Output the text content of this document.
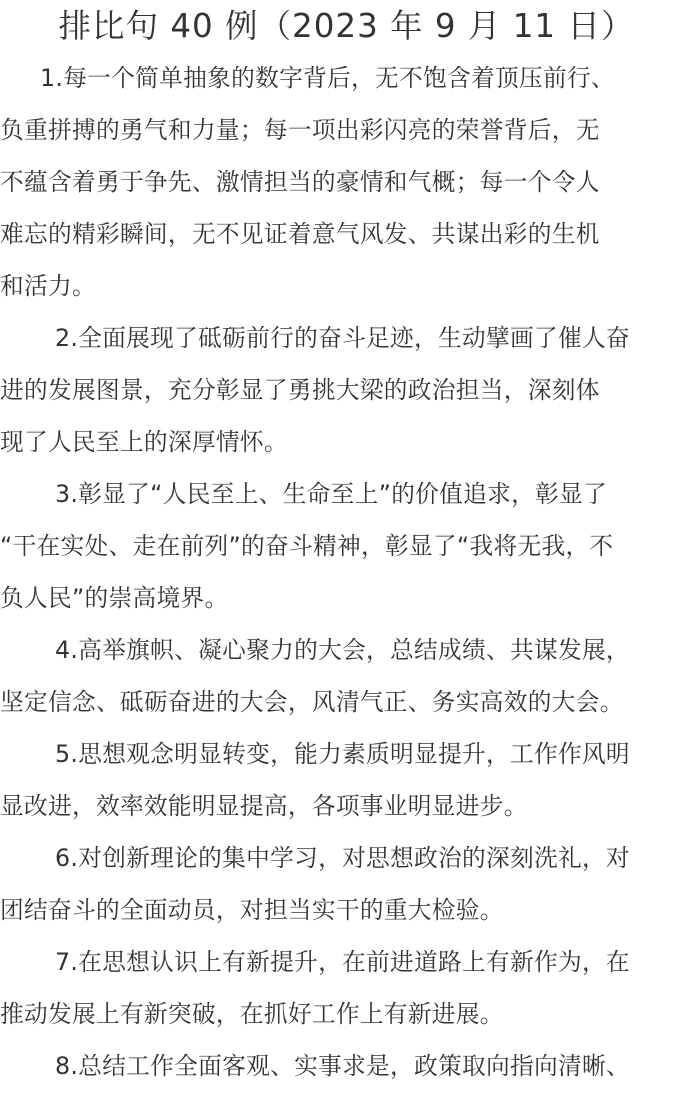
排比句 40 例（2023 年 9 月 11 日）
1.每一个简单抽象的数字背后，无不饱含着顶压前行、
负重拼搏的勇气和力量；每一项出彩闪亮的荣誉背后，无
不蕴含着勇于争先、激情担当的豪情和气概；每一个令人
难忘的精彩瞬间，无不见证着意气风发、共谋出彩的生机
和活力。
2.全面展现了砥砺前行的奋斗足迹，生动擘画了催人奋
进的发展图景，充分彰显了勇挑大梁的政治担当，深刻体
现了人民至上的深厚情怀。
3.彰显了“人民至上、生命至上”的价值追求，彰显了
“干在实处、走在前列”的奋斗精神，彰显了“我将无我，不
负人民”的崇高境界。
4.高举旗帜、凝心聚力的大会，总结成绩、共谋发展，
坚定信念、砥砺奋进的大会，风清气正、务实高效的大会。
5.思想观念明显转变，能力素质明显提升，工作作风明
显改进，效率效能明显提高，各项事业明显进步。
6.对创新理论的集中学习，对思想政治的深刻洗礼，对
团结奋斗的全面动员，对担当实干的重大检验。
7.在思想认识上有新提升，在前进道路上有新作为，在
推动发展上有新突破，在抓好工作上有新进展。
8.总结工作全面客观、实事求是，政策取向指向清晰、
